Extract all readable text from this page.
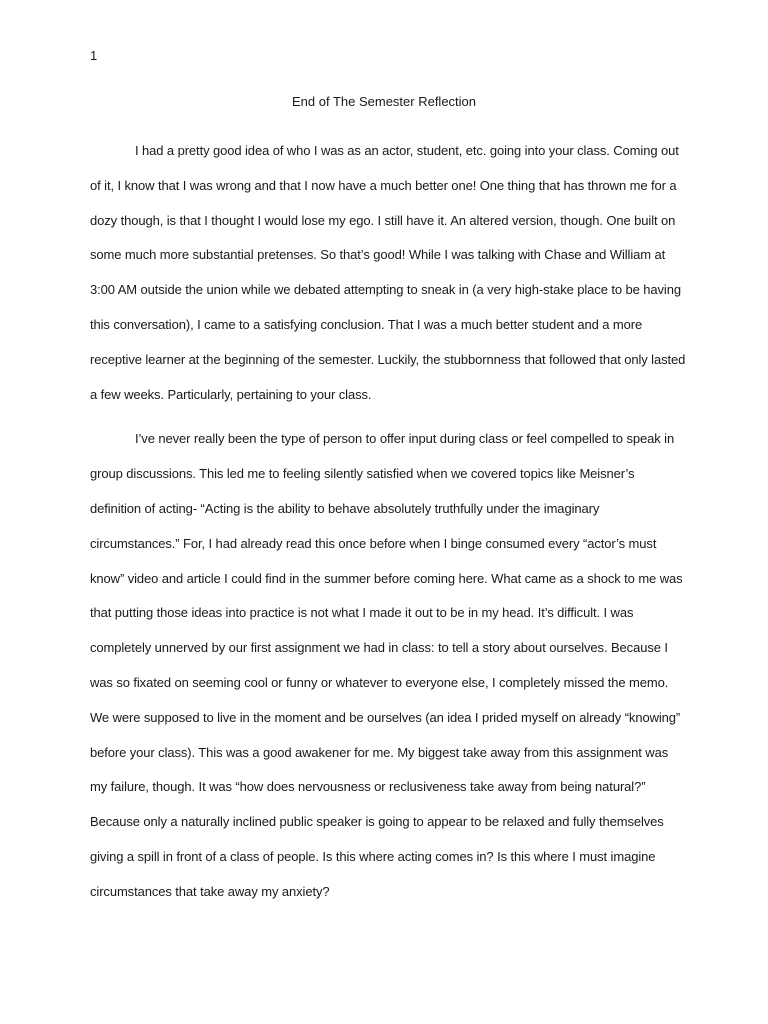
1
End of The Semester Reflection

I had a pretty good idea of who I was as an actor, student, etc. going into your class. Coming out of it, I know that I was wrong and that I now have a much better one! One thing that has thrown me for a dozy though, is that I thought I would lose my ego. I still have it. An altered version, though. One built on some much more substantial pretenses. So that’s good! While I was talking with Chase and William at 3:00 AM outside the union while we debated attempting to sneak in (a very high-stake place to be having this conversation), I came to a satisfying conclusion. That I was a much better student and a more receptive learner at the beginning of the semester. Luckily, the stubbornness that followed that only lasted a few weeks. Particularly, pertaining to your class.

I’ve never really been the type of person to offer input during class or feel compelled to speak in group discussions. This led me to feeling silently satisfied when we covered topics like Meisner’s definition of acting- “Acting is the ability to behave absolutely truthfully under the imaginary circumstances.” For, I had already read this once before when I binge consumed every “actor’s must know” video and article I could find in the summer before coming here. What came as a shock to me was that putting those ideas into practice is not what I made it out to be in my head. It’s difficult. I was completely unnerved by our first assignment we had in class: to tell a story about ourselves. Because I was so fixated on seeming cool or funny or whatever to everyone else, I completely missed the memo. We were supposed to live in the moment and be ourselves (an idea I prided myself on already “knowing” before your class). This was a good awakener for me. My biggest take away from this assignment was my failure, though. It was “how does nervousness or reclusiveness take away from being natural?” Because only a naturally inclined public speaker is going to appear to be relaxed and fully themselves giving a spill in front of a class of people. Is this where acting comes in? Is this where I must imagine circumstances that take away my anxiety?
